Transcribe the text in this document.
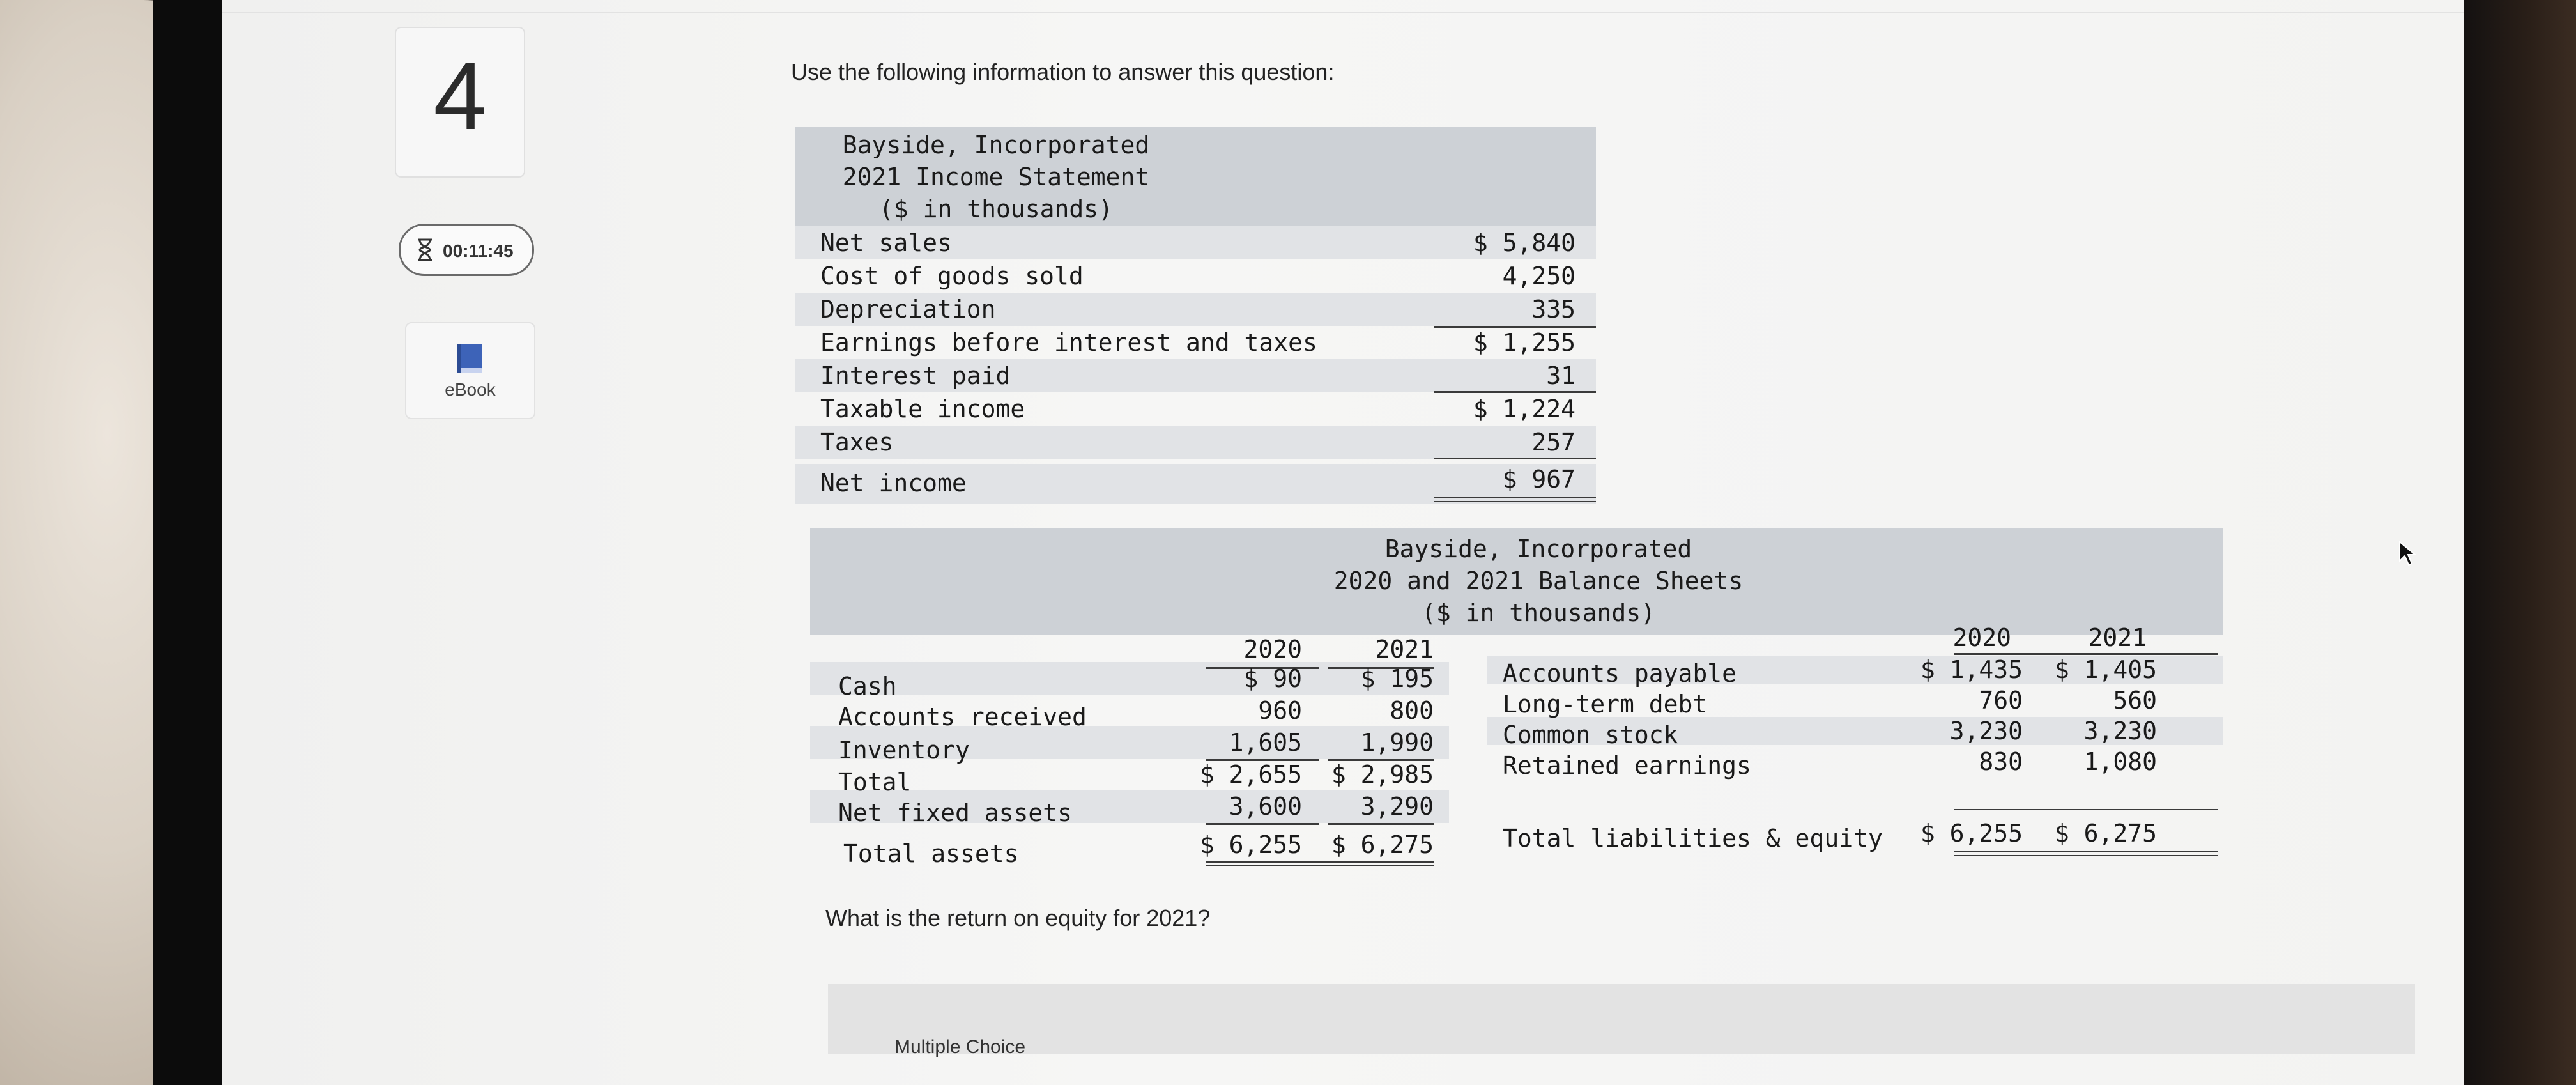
4
00:11:45
eBook
Use the following information to answer this question:
Bayside, Incorporated
2021 Income Statement
($ in thousands)
Net sales	$ 5,840
Cost of goods sold	4,250
Depreciation	335
Earnings before interest and taxes	$ 1,255
Interest paid	31
Taxable income	$ 1,224
Taxes	257
Net income	$ 967
Bayside, Incorporated
2020 and 2021 Balance Sheets
($ in thousands)
2020	2021
Cash	$ 90	$ 195
Accounts received	960	800
Inventory	1,605	1,990
Total	$ 2,655	$ 2,985
Net fixed assets	3,600	3,290
Total assets	$ 6,255	$ 6,275
2020	2021
Accounts payable	$ 1,435	$ 1,405
Long-term debt	760	560
Common stock	3,230	3,230
Retained earnings	830	1,080
Total liabilities & equity	$ 6,255	$ 6,275
What is the return on equity for 2021?
Multiple Choice
